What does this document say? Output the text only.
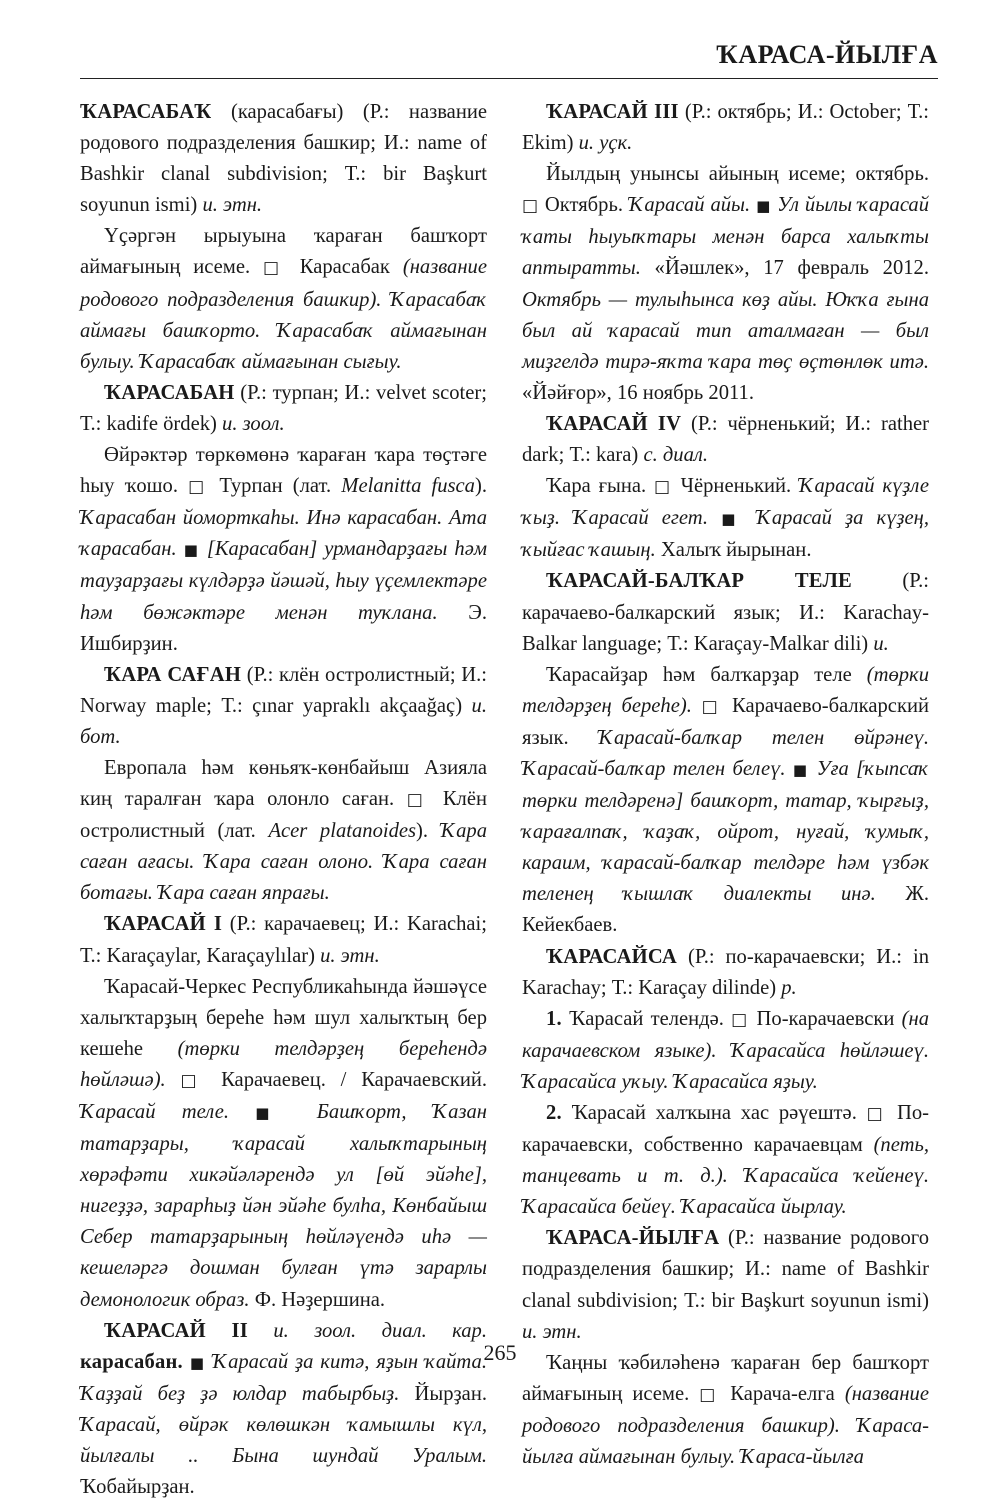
ҠАРАСА-ЙЫЛҒА

ҠАРАСАБАҠ (карасабағы) (Р.: название родового подразделения башкир; И.: name of Bashkir clanal subdivision; Т.: bir Başkurt soyunun ismi) и. этн.

Үҫәргән ырыуына ҡараған башҡорт аймағының исеме. □ Карасабак (название родового подразделения башкир). Ҡарасабаҡ аймағы башҡорто. Ҡарасабаҡ аймағынан булыу. Ҡарасабаҡ аймағынан сығыу.

ҠАРАСАБАН (Р.: турпан; И.: velvet scoter; Т.: kadife ördek) и. зоол.

Өйрәктәр төркөмөнә ҡараған ҡара төҫтәге һыу ҡошо. □ Турпан (лат. Melanitta fusca). Ҡарасабан йоморткаһы. Инә карасабан. Ата ҡарасабан. ■ [Карасабан] урмандарҙағы һәм тауҙарҙағы күлдәрҙә йәшәй, һыу үҫемлектәре һәм бөжәктәре менән туҡлана. Э. Ишбирҙин.

ҠАРА САҒАН (Р.: клён остролистный; И.: Norway maple; Т.: çınar yapraklı akçaağaç) и. бот.

Европала һәм көньяҡ-көнбайыш Азияла киң таралған ҡара олонло саған. □ Клён остролистный (лат. Acer platanoides). Ҡара саған ағасы. Ҡара саған олоно. Ҡара саған ботағы. Ҡара саған япрағы.

ҠАРАСАЙ I (Р.: карачаевец; И.: Karachai; Т.: Karaçaylar, Karaçaylılar) и. этн.

Ҡарасай-Черкес Республикаһында йәшәүсе халыҡтарҙың береһе һәм шул халыҡтың бер кешеһе (төрки телдәрҙең береһендә һөйләшә). □ Карачаевец. / Карачаевский. Ҡарасай теле. ■ Башҡорт, Ҡазан татарҙары, ҡарасай халыҡтарының хөрәфәти хикәйәләрендә ул [өй эйәһе], нигеҙҙә, зарарһыҙ йән эйәһе булһа, Көнбайыш Себер татарҙарының һөйләүендә иһә — кешеләргә дошман булған үтә зарарлы демонологик образ. Ф. Нәҙершина.

ҠАРАСАЙ II и. зоол. диал. кар. карасабан. ■ Ҡарасай ҙа китә, яҙын ҡайта. Ҡаҙҙай беҙ ҙә юлдар табырбыҙ. Йырҙан. Ҡарасай, өйрәк көлөшкән ҡамышлы күл, йылғалы .. Бына шундай Уралым. Ҡобайырҙан.

ҠАРАСАЙ III (Р.: октябрь; И.: October; Т.: Ekim) и. уҫк.

Йылдың унынсы айының исеме; октябрь. □ Октябрь. Ҡарасай айы. ■ Ул йылы ҡарасай ҡаты һыуыҡтары менән барса халыҡты аптыратты. «Йәшлек», 17 февраль 2012. Октябрь — тулыһынса көҙ айы. Юҡҡа ғына был ай ҡарасай тип аталмаған — был миҙгелдә тирә-яҡта ҡара төҫ өҫтөнлөк итә. «Йәйғор», 16 ноябрь 2011.

ҠАРАСАЙ IV (Р.: чёрненький; И.: rather dark; Т.: kara) с. диал.

Ҡара ғына. □ Чёрненький. Ҡарасай күҙле ҡыҙ. Ҡарасай егет. ■ Ҡарасай ҙа күҙең, ҡыйғас ҡашың. Халыҡ йырынан.

ҠАРАСАЙ-БАЛҠАР ТЕЛЕ (Р.: карачаево-балкарский язык; И.: Karachay-Balkar language; Т.: Karaçay-Malkar dili) и.

Ҡарасайҙар һәм балҡарҙар теле (төрки телдәрҙең береһе). □ Карачаево-балкарский язык. Ҡарасай-балҡар телен өйрәнеү. Ҡарасай-балҡар телен белеү. ■ Уға [ҡыпсаҡ төрки телдәренә] башҡорт, татар, ҡырғыҙ, ҡарағалпаҡ, ҡаҙаҡ, ойрот, нуғай, ҡумыҡ, караим, ҡарасай-балҡар телдәре һәм үзбәк теленең ҡышлаҡ диалекты инә. Ж. Кейекбаев.

ҠАРАСАЙСА (Р.: по-карачаевски; И.: in Karachay; Т.: Karaçay dilinde) р.

1. Ҡарасай телендә. □ По-карачаевски (на карачаевском языке). Ҡарасайса һөйләшеү. Ҡарасайса уҡыу. Ҡарасайса яҙыу.

2. Ҡарасай халҡына хас рәүештә. □ По-карачаевски, собственно карачаевцам (петь, танцевать и т. д.). Ҡарасайса ҡейенеү. Ҡарасайса бейеү. Ҡарасайса йырлау.

ҠАРАСА-ЙЫЛҒА (Р.: название родового подразделения башкир; И.: name of Bashkir clanal subdivision; Т.: bir Başkurt soyunun ismi) и. этн.

Ҡаңны ҡәбиләһенә ҡараған бер башҡорт аймағының исеме. □ Карача-елга (название родового подразделения башкир). Ҡараса-йылға аймағынан булыу. Ҡараса-йылға

265
